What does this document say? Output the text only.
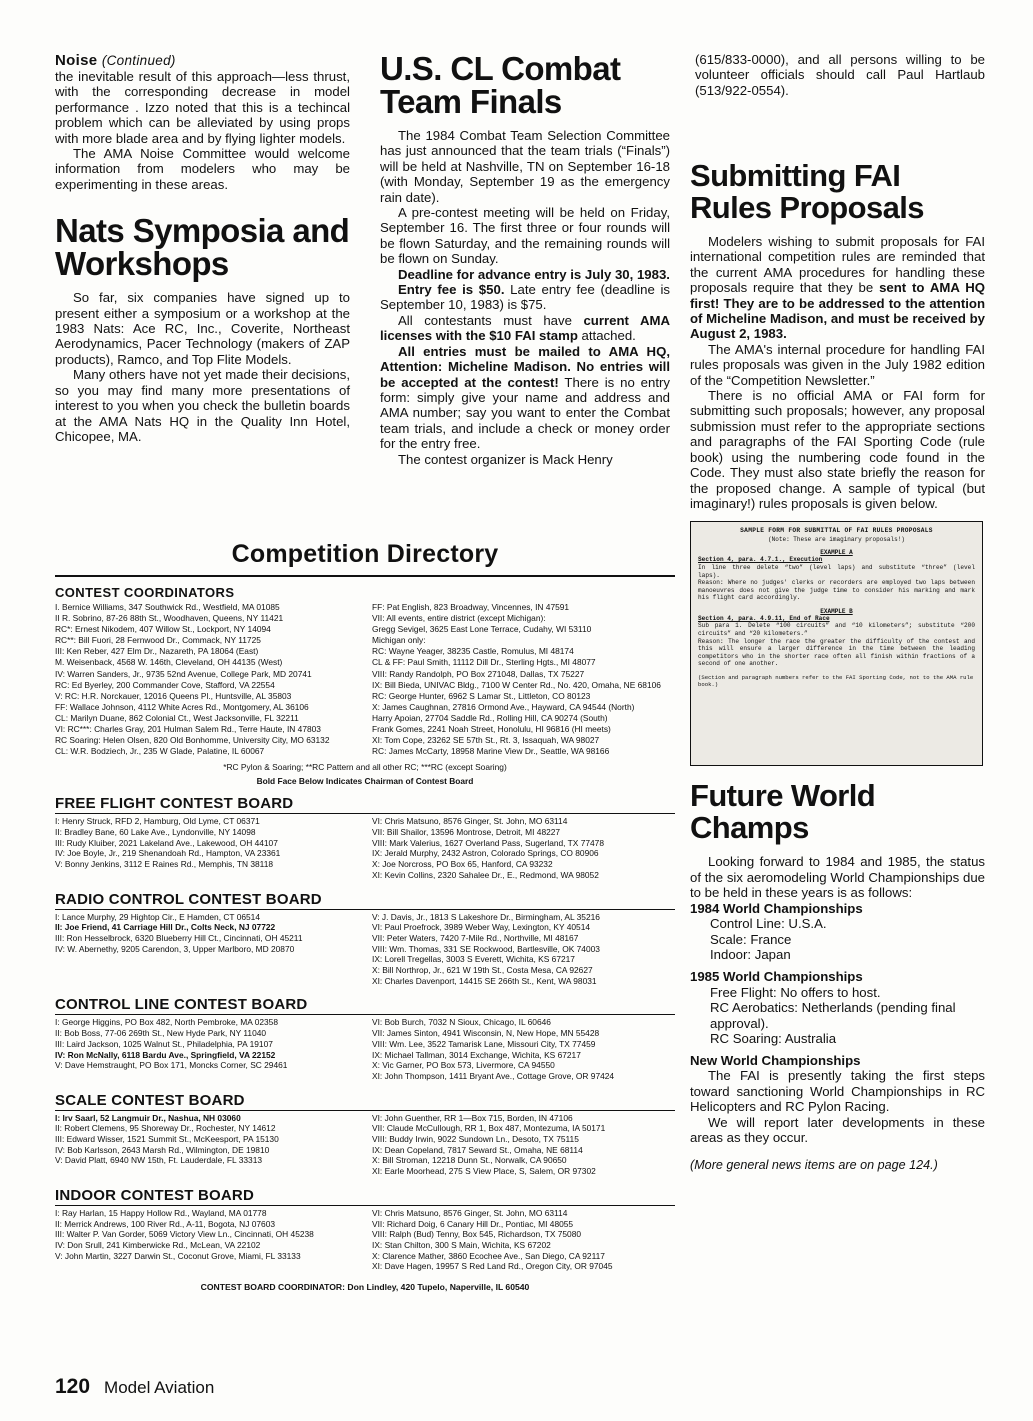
Noise (Continued)

the inevitable result of this approach—less thrust, with the corresponding decrease in model performance . Izzo noted that this is a techincal problem which can be alleviated by using props with more blade area and by flying lighter models.

The AMA Noise Committee would welcome information from modelers who may be experimenting in these areas.

Nats Symposia and Workshops

So far, six companies have signed up to present either a symposium or a workshop at the 1983 Nats: Ace RC, Inc., Coverite, Northeast Aerodynamics, Pacer Technology (makers of ZAP products), Ramco, and Top Flite Models.

Many others have not yet made their decisions, so you may find many more presentations of interest to you when you check the bulletin boards at the AMA Nats HQ in the Quality Inn Hotel, Chicopee, MA.

U.S. CL Combat Team Finals

The 1984 Combat Team Selection Committee has just announced that the team trials (“Finals”) will be held at Nashville, TN on September 16-18 (with Monday, September 19 as the emergency rain date).

A pre-contest meeting will be held on Friday, September 16. The first three or four rounds will be flown Saturday, and the remaining rounds will be flown on Sunday.

Deadline for advance entry is July 30, 1983.

Entry fee is $50. Late entry fee (deadline is September 10, 1983) is $75.

All contestants must have current AMA licenses with the $10 FAI stamp attached.

All entries must be mailed to AMA HQ, Attention: Micheline Madison. No entries will be accepted at the contest! There is no entry form: simply give your name and address and AMA number; say you want to enter the Combat team trials, and include a check or money order for the entry free.

The contest organizer is Mack Henry

(615/833-0000), and all persons willing to be volunteer officials should call Paul Hartlaub (513/922-0554).

Submitting FAI Rules Proposals

Modelers wishing to submit proposals for FAI international competition rules are reminded that the current AMA procedures for handling these proposals require that they be sent to AMA HQ first! They are to be addressed to the attention of Micheline Madison, and must be received by August 2, 1983.

The AMA's internal procedure for handling FAI rules proposals was given in the July 1982 edition of the “Competition Newsletter.”

There is no official AMA or FAI form for submitting such proposals; however, any proposal submission must refer to the appropriate sections and paragraphs of the FAI Sporting Code (rule book) using the numbering code found in the Code. They must also state briefly the reason for the proposed change. A sample of typical (but imaginary!) rules proposals is given below.

SAMPLE FORM FOR SUBMITTAL OF FAI RULES PROPOSALS
(Note: These are imaginary proposals!)
EXAMPLE A

Section 4, para. 4.7.1., Execution

In line three delete “two” (level laps) and substitute “three” (level laps).

Reason: Where no judges' clerks or recorders are employed two laps between manoeuvres does not give the judge time to consider his marking and mark his flight card accordingly.

EXAMPLE B

Section 4, para. 4.9.11, End of Race

Sub para 1. Delete “100 circuits” and “10 kilometers”; substitute “200 circuits” and “20 kilometers.”

Reason: The longer the race the greater the difficulty of the contest and this will ensure a larger difference in the time between the leading competitors who in the shorter race often all finish within fractions of a second of one another.

(Section and paragraph numbers refer to the FAI Sporting Code, not to the AMA rule book.)
Future World Champs

Looking forward to 1984 and 1985, the status of the six aeromodeling World Championships due to be held in these years is as follows:

1984 World Championships
Control Line: U.S.A.
Scale: France
Indoor: Japan
1985 World Championships
Free Flight: No offers to host.
RC Aerobatics: Netherlands (pending final approval).
RC Soaring: Australia
New World Championships

The FAI is presently taking the first steps toward sanctioning World Championships in RC Helicopters and RC Pylon Racing.

We will report later developments in these areas as they occur.

(More general news items are on page 124.)
Competition Directory
CONTEST COORDINATORS

I. Bernice Williams, 347 Southwick Rd., Westfield, MA 01085

II R. Sobrino, 87-26 88th St., Woodhaven, Queens, NY 11421

RC*: Ernest Nikodem, 407 Willow St., Lockport, NY 14094

RC**: Bill Fuori, 28 Fernwood Dr., Commack, NY 11725

III: Ken Reber, 427 Elm Dr., Nazareth, PA 18064 (East)

M. Weisenback, 4568 W. 146th, Cleveland, OH 44135 (West)

IV: Warren Sanders, Jr., 9735 52nd Avenue, College Park, MD 20741

RC: Ed Byerley, 200 Commander Cove, Stafford, VA 22554

V: RC: H.R. Norckauer, 12016 Queens Pl., Huntsville, AL 35803

FF: Wallace Johnson, 4112 White Acres Rd., Montgomery, AL 36106

CL: Marilyn Duane, 862 Colonial Ct., West Jacksonville, FL 32211

VI: RC***: Charles Gray, 201 Hulman Salem Rd., Terre Haute, IN 47803

RC Soaring: Helen Olsen, 820 Old Bonhomme, University City, MO 63132

CL: W.R. Bodziech, Jr., 235 W Glade, Palatine, IL 60067

FF: Pat English, 823 Broadway, Vincennes, IN 47591

VII: All events, entire district (except Michigan):

Gregg Sevigel, 3625 East Lone Terrace, Cudahy, WI 53110

Michigan only:

RC: Wayne Yeager, 38235 Castle, Romulus, MI 48174

CL & FF: Paul Smith, 11112 Dill Dr., Sterling Hgts., MI 48077

VIII: Randy Randolph, PO Box 271048, Dallas, TX 75227

IX: Bill Bieda, UNIVAC Bldg., 7100 W Center Rd., No. 420, Omaha, NE 68106

RC: George Hunter, 6962 S Lamar St., Littleton, CO 80123

X: James Caughnan, 27816 Ormond Ave., Hayward, CA 94544 (North)

Harry Apoian, 27704 Saddle Rd., Rolling Hill, CA 90274 (South)

Frank Gomes, 2241 Noah Street, Honolulu, HI 96816 (HI meets)

XI: Tom Cope, 23262 SE 57th St., Rt. 3, Issaquah, WA 98027

RC: James McCarty, 18958 Marine View Dr., Seattle, WA 98166

*RC Pylon & Soaring; **RC Pattern and all other RC; ***RC (except Soaring)
Bold Face Below Indicates Chairman of Contest Board
FREE FLIGHT CONTEST BOARD

I: Henry Struck, RFD 2, Hamburg, Old Lyme, CT 06371

II: Bradley Bane, 60 Lake Ave., Lyndonville, NY 14098

III: Rudy Kluiber, 2021 Lakeland Ave., Lakewood, OH 44107

IV: Joe Boyle, Jr., 219 Shenandoah Rd., Hampton, VA 23361

V: Bonny Jenkins, 3112 E Raines Rd., Memphis, TN 38118

VI: Chris Matsuno, 8576 Ginger, St. John, MO 63114

VII: Bill Shailor, 13596 Montrose, Detroit, MI 48227

VIII: Mark Valerius, 1627 Overland Pass, Sugerland, TX 77478

IX: Jerald Murphy, 2432 Astron, Colorado Springs, CO 80906

X: Joe Norcross, PO Box 65, Hanford, CA 93232

XI: Kevin Collins, 2320 Sahalee Dr., E., Redmond, WA 98052

RADIO CONTROL CONTEST BOARD

I: Lance Murphy, 29 Hightop Cir., E Hamden, CT 06514

II: Joe Friend, 41 Carriage Hill Dr., Colts Neck, NJ 07722

III: Ron Hesselbrock, 6320 Blueberry Hill Ct., Cincinnati, OH 45211

IV: W. Abernethy, 9205 Carendon, 3, Upper Marlboro, MD 20870

V: J. Davis, Jr., 1813 S Lakeshore Dr., Birmingham, AL 35216

VI: Paul Proefrock, 3989 Weber Way, Lexington, KY 40514

VII: Peter Waters, 7420 7-Mile Rd., Northville, MI 48167

VIII: Wm. Thomas, 331 SE Rockwood, Bartlesville, OK 74003

IX: Lorell Tregellas, 3003 S Everett, Wichita, KS 67217

X: Bill Northrop, Jr., 621 W 19th St., Costa Mesa, CA 92627

XI: Charles Davenport, 14415 SE 266th St., Kent, WA 98031

CONTROL LINE CONTEST BOARD

I: George Higgins, PO Box 482, North Pembroke, MA 02358

II: Bob Boss, 77-06 269th St., New Hyde Park, NY 11040

III: Laird Jackson, 1025 Walnut St., Philadelphia, PA 19107

IV: Ron McNally, 6118 Bardu Ave., Springfield, VA 22152

V: Dave Hemstraught, PO Box 171, Moncks Corner, SC 29461

VI: Bob Burch, 7032 N Sioux, Chicago, IL 60646

VII: James Sinton, 4941 Wisconsin, N, New Hope, MN 55428

VIII: Wm. Lee, 3522 Tamarisk Lane, Missouri City, TX 77459

IX: Michael Tallman, 3014 Exchange, Wichita, KS 67217

X: Vic Garner, PO Box 573, Livermore, CA 94550

XI: John Thompson, 1411 Bryant Ave., Cottage Grove, OR 97424

SCALE CONTEST BOARD

I: Irv Saarl, 52 Langmuir Dr., Nashua, NH 03060

II: Robert Clemens, 95 Shoreway Dr., Rochester, NY 14612

III: Edward Wisser, 1521 Summit St., McKeesport, PA 15130

IV: Bob Karlsson, 2643 Marsh Rd., Wilmington, DE 19810

V: David Platt, 6940 NW 15th, Ft. Lauderdale, FL 33313

VI: John Guenther, RR 1—Box 715, Borden, IN 47106

VII: Claude McCullough, RR 1, Box 487, Montezuma, IA 50171

VIII: Buddy Irwin, 9022 Sundown Ln., Desoto, TX 75115

IX: Dean Copeland, 7817 Seward St., Omaha, NE 68114

X: Bill Stroman, 12218 Dunn St., Norwalk, CA 90650

XI: Earle Moorhead, 275 S View Place, S, Salem, OR 97302

INDOOR CONTEST BOARD

I: Ray Harlan, 15 Happy Hollow Rd., Wayland, MA 01778

II: Merrick Andrews, 100 River Rd., A-11, Bogota, NJ 07603

III: Walter P. Van Gorder, 5069 Victory View Ln., Cincinnati, OH 45238

IV: Don Srull, 241 Kimberwicke Rd., McLean, VA 22102

V: John Martin, 3227 Darwin St., Coconut Grove, Miami, FL 33133

VI: Chris Matsuno, 8576 Ginger, St. John, MO 63114

VII: Richard Doig, 6 Canary Hill Dr., Pontiac, MI 48055

VIII: Ralph (Bud) Tenny, Box 545, Richardson, TX 75080

IX: Stan Chilton, 300 S Main, Wichita, KS 67202

X: Clarence Mather, 3860 Ecochee Ave., San Diego, CA 92117

XI: Dave Hagen, 19957 S Red Land Rd., Oregon City, OR 97045

CONTEST BOARD COORDINATOR: Don Lindley, 420 Tupelo, Naperville, IL 60540
120 Model Aviation
